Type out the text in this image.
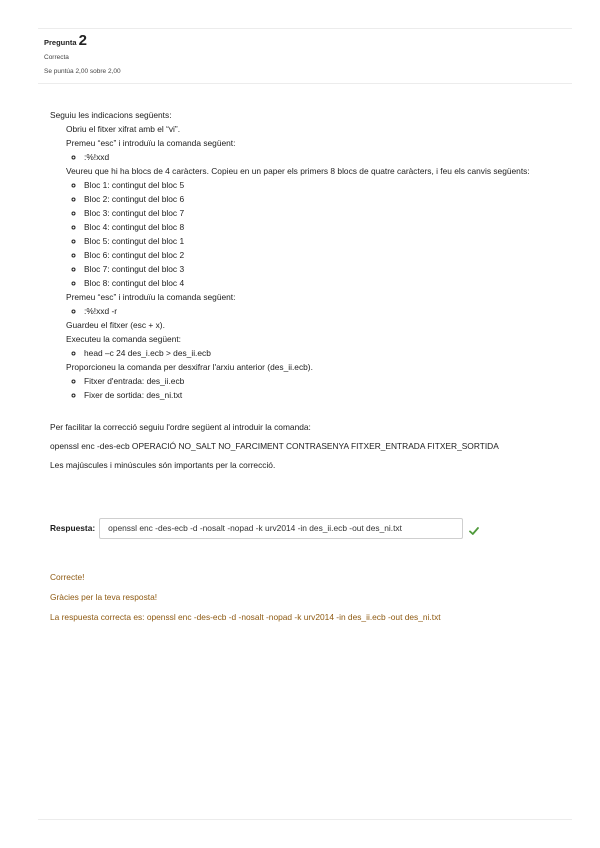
Pregunta 2
Correcta
Se puntúa 2,00 sobre 2,00

Seguiu les indicacions següents:

1. Obriu el fitxer xifrat amb el “vi”.
2. Premeu “esc” i introduïu la comanda següent:
◦ :%!xxd
3. Veureu que hi ha blocs de 4 caràcters. Copieu en un paper els primers 8 blocs de quatre caràcters, i feu els canvis següents:
◦ Bloc 1: contingut del bloc 5
◦ Bloc 2: contingut del bloc 6
◦ Bloc 3: contingut del bloc 7
◦ Bloc 4: contingut del bloc 8
◦ Bloc 5: contingut del bloc 1
◦ Bloc 6: contingut del bloc 2
◦ Bloc 7: contingut del bloc 3
◦ Bloc 8: contingut del bloc 4
4. Premeu “esc” i introduïu la comanda següent:
◦ :%!xxd -r
5. Guardeu el fitxer (esc + x).
6. Executeu la comanda següent:
◦ head –c 24 des_i.ecb > des_ii.ecb
7. Proporcioneu la comanda per desxifrar l'arxiu anterior (des_ii.ecb).
◦ Fitxer d'entrada: des_ii.ecb
◦ Fixer de sortida: des_ni.txt

Per facilitar la correcció seguiu l'ordre següent al introduir la comanda:

openssl enc -des-ecb OPERACIÓ NO_SALT NO_FARCIMENT CONTRASENYA FITXER_ENTRADA FITXER_SORTIDA

Les majúscules i minúscules són importants per la correcció.

Respuesta:	openssl enc -des-ecb -d -nosalt -nopad -k urv2014 -in des_ii.ecb -out des_ni.txt

Correcte!

Gràcies per la teva resposta!

La respuesta correcta es: openssl enc -des-ecb -d -nosalt -nopad -k urv2014 -in des_ii.ecb -out des_ni.txt
